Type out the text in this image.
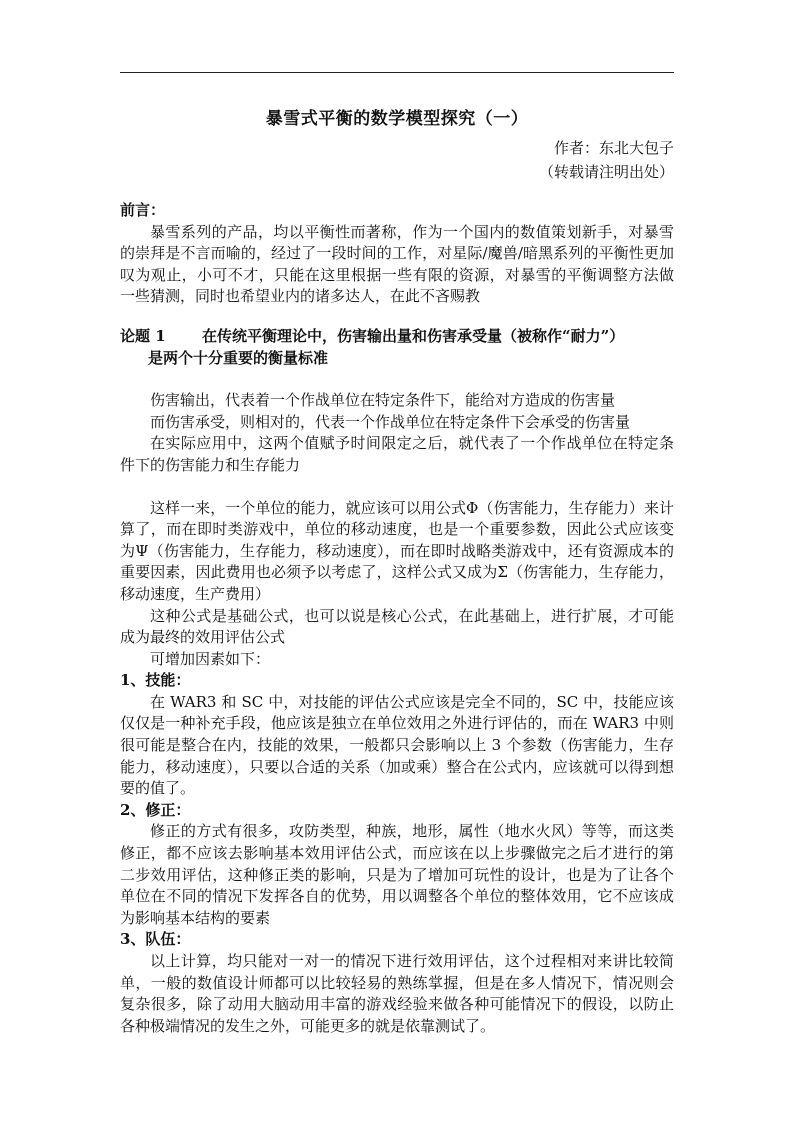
暴雪式平衡的数学模型探究（一）
作者：东北大包子
（转载请注明出处）

前言：

暴雪系列的产品，均以平衡性而著称，作为一个国内的数值策划新手，对暴雪的崇拜是不言而喻的，经过了一段时间的工作，对星际/魔兽/暗黑系列的平衡性更加叹为观止，小可不才，只能在这里根据一些有限的资源，对暴雪的平衡调整方法做一些猜测，同时也希望业内的诸多达人，在此不吝赐教

论题 1	在传统平衡理论中，伤害输出量和伤害承受量（被称作“耐力”）

是两个十分重要的衡量标准

伤害输出，代表着一个作战单位在特定条件下，能给对方造成的伤害量

而伤害承受，则相对的，代表一个作战单位在特定条件下会承受的伤害量

在实际应用中，这两个值赋予时间限定之后，就代表了一个作战单位在特定条件下的伤害能力和生存能力

这样一来，一个单位的能力，就应该可以用公式Φ（伤害能力，生存能力）来计算了，而在即时类游戏中，单位的移动速度，也是一个重要参数，因此公式应该变为Ψ（伤害能力，生存能力，移动速度），而在即时战略类游戏中，还有资源成本的重要因素，因此费用也必须予以考虑了，这样公式又成为Σ（伤害能力，生存能力，移动速度，生产费用）

这种公式是基础公式，也可以说是核心公式，在此基础上，进行扩展，才可能成为最终的效用评估公式

可增加因素如下：

1、技能：

在 WAR3 和 SC 中，对技能的评估公式应该是完全不同的，SC 中，技能应该仅仅是一种补充手段，他应该是独立在单位效用之外进行评估的，而在 WAR3 中则很可能是整合在内，技能的效果，一般都只会影响以上 3 个参数（伤害能力，生存能力，移动速度），只要以合适的关系（加或乘）整合在公式内，应该就可以得到想要的值了。

2、修正：

修正的方式有很多，攻防类型，种族，地形，属性（地水火风）等等，而这类修正，都不应该去影响基本效用评估公式，而应该在以上步骤做完之后才进行的第二步效用评估，这种修正类的影响，只是为了增加可玩性的设计，也是为了让各个单位在不同的情况下发挥各自的优势，用以调整各个单位的整体效用，它不应该成为影响基本结构的要素

3、队伍：

以上计算，均只能对一对一的情况下进行效用评估，这个过程相对来讲比较简单，一般的数值设计师都可以比较轻易的熟练掌握，但是在多人情况下，情况则会复杂很多，除了动用大脑动用丰富的游戏经验来做各种可能情况下的假设，以防止各种极端情况的发生之外，可能更多的就是依靠测试了。
